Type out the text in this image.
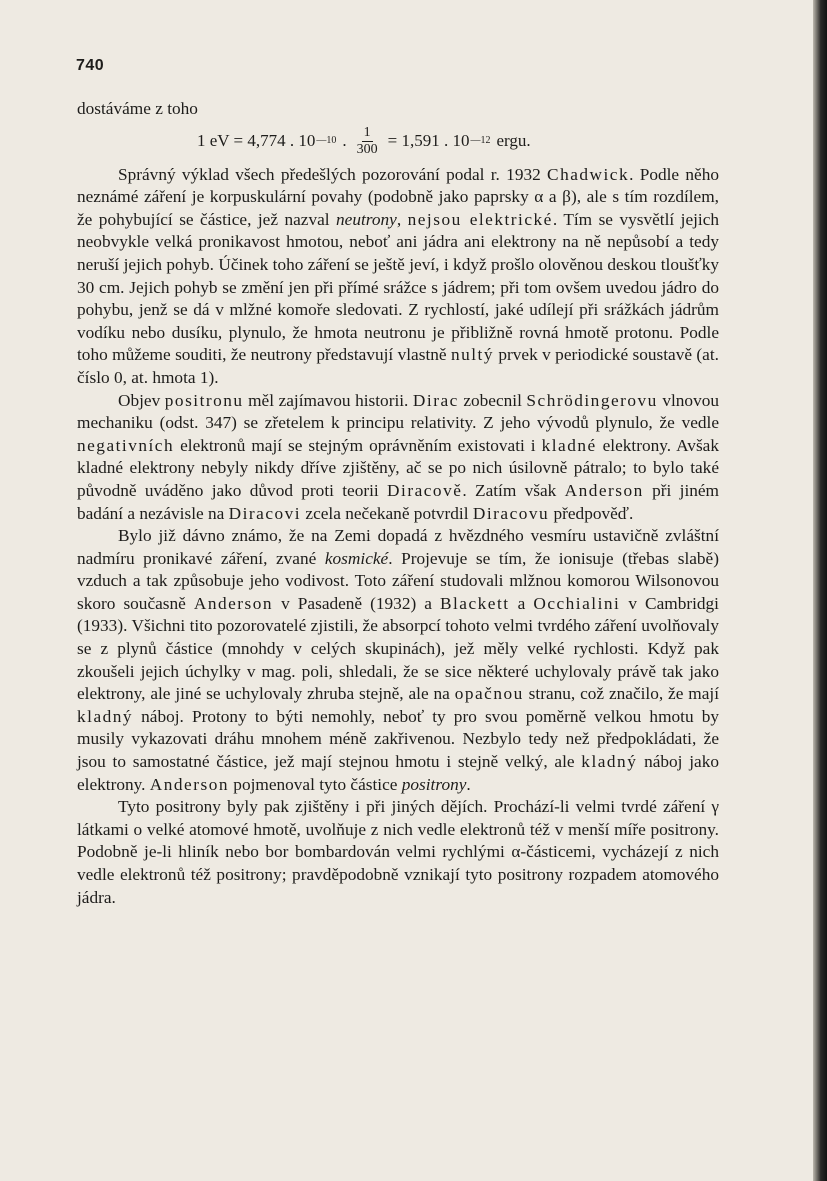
740

dostáváme z toho

1 eV = 4,774 . 10 —10 . $\frac{1}{300} = 1,591$ . 10 —12 ergu.

Správný výklad všech předešlých pozorování podal r. 1932 Chadwick. Podle něho neznámé záření je korpuskulární povahy (podobně jako paprsky α a β), ale s tím rozdílem, že pohybující se částice, jež nazval neutrony, nejsou elektrické. Tím se vysvětlí jejich neobvykle velká pronikavost hmotou, neboť ani jádra ani elektrony na ně nepůsobí a tedy neruší jejich pohyb. Účinek toho záření se ještě jeví, i když prošlo olověnou deskou tloušťky 30 cm. Jejich pohyb se změní jen při přímé srážce s jádrem; při tom ovšem uvedou jádro do pohybu, jenž se dá v mlžné komoře sledovati. Z rychlostí, jaké udílejí při srážkách jádrům vodíku nebo dusíku, plynulo, že hmota neutronu je přibližně rovná hmotě protonu. Podle toho můžeme souditi, že neutrony představují vlastně nultý prvek v periodické soustavě (at. číslo 0, at. hmota 1).

Objev positronu měl zajímavou historii. Dirac zobecnil Schrödingerovu vlnovou mechaniku (odst. 347) se zřetelem k principu relativity. Z jeho vývodů plynulo, že vedle negativních elektronů mají se stejným oprávněním existovati i kladné elektrony. Avšak kladné elektrony nebyly nikdy dříve zjištěny, ač se po nich úsilovně pátralo; to bylo také původně uváděno jako důvod proti teorii Diracově. Zatím však Anderson při jiném badání a nezávisle na Diracovi zcela nečekaně potvrdil Diracovu předpověď.

Bylo již dávno známo, že na Zemi dopadá z hvězdného vesmíru ustavičně zvláštní nadmíru pronikavé záření, zvané kosmické. Projevuje se tím, že ionisuje (třebas slabě) vzduch a tak způsobuje jeho vodivost. Toto záření studovali mlžnou komorou Wilsonovou skoro současně Anderson v Pasadeně (1932) a Blackett a Occhialini v Cambridgi (1933). Všichni tito pozorovatelé zjistili, že absorpcí tohoto velmi tvrdého záření uvolňovaly se z plynů částice (mnohdy v celých skupinách), jež měly velké rychlosti. Když pak zkoušeli jejich úchylky v mag. poli, shledali, že se sice některé uchylovaly právě tak jako elektrony, ale jiné se uchylovaly zhruba stejně, ale na opačnou stranu, což značilo, že mají kladný náboj. Protony to býti nemohly, neboť ty pro svou poměrně velkou hmotu by musily vykazovati dráhu mnohem méně zakřivenou. Nezbylo tedy než předpokládati, že jsou to samostatné částice, jež mají stejnou hmotu i stejně velký, ale kladný náboj jako elektrony. Anderson pojmenoval tyto částice positrony.

Tyto positrony byly pak zjištěny i při jiných dějích. Prochází-li velmi tvrdé záření γ látkami o velké atomové hmotě, uvolňuje z nich vedle elektronů též v menší míře positrony. Podobně je-li hliník nebo bor bombardován velmi rychlými α-částicemi, vycházejí z nich vedle elektronů též positrony; pravděpodobně vznikají tyto positrony rozpadem atomového jádra.
